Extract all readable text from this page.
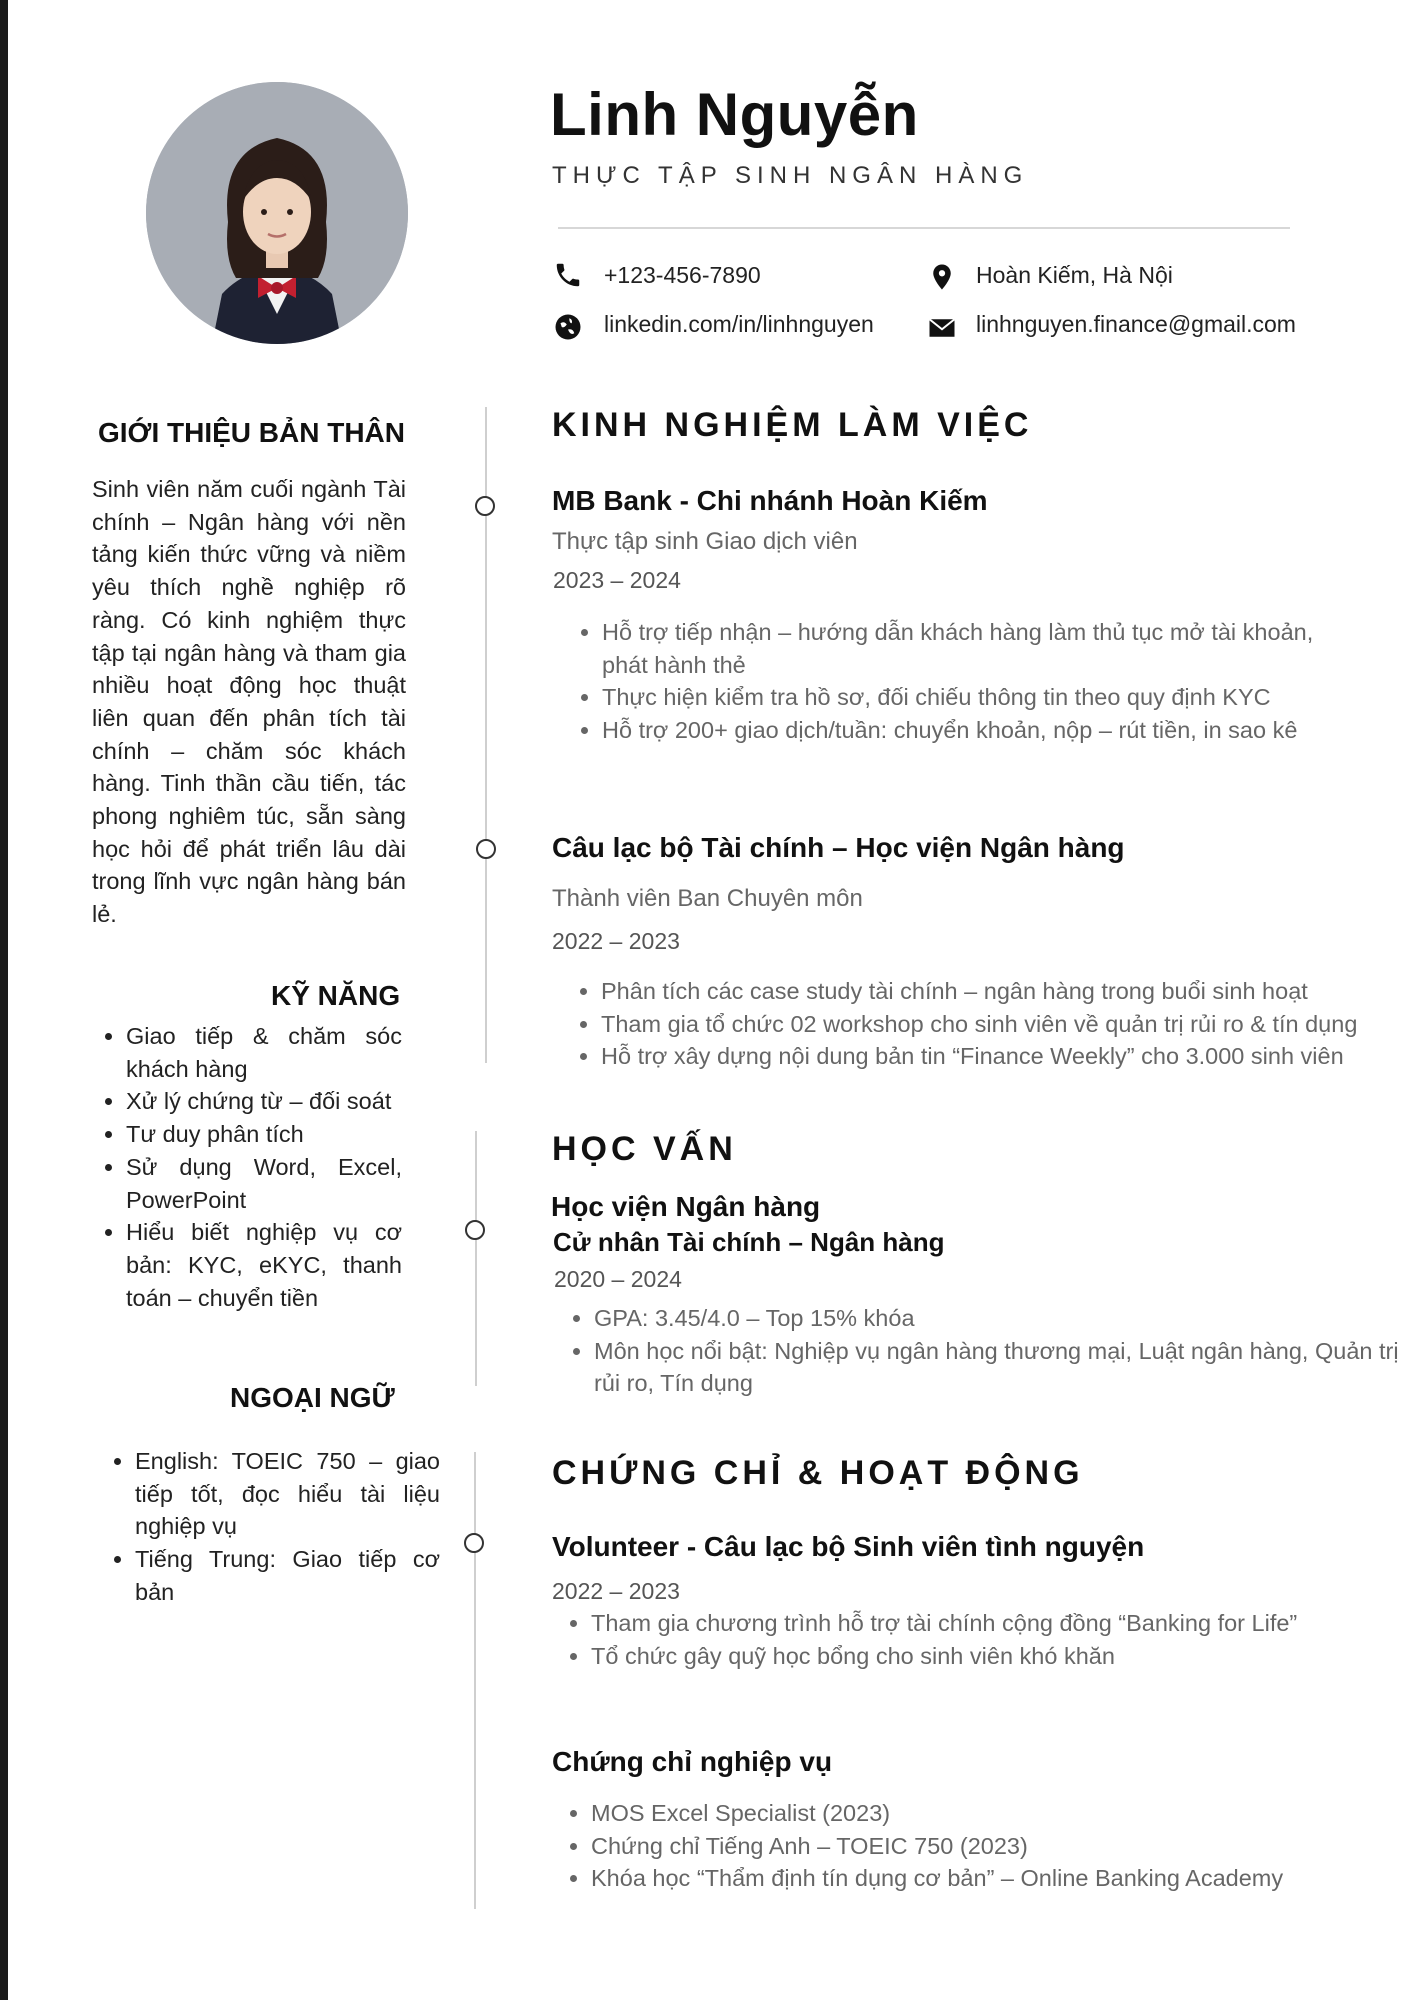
Linh Nguyễn
THỰC TẬP SINH NGÂN HÀNG
+123-456-7890	Hoàn Kiếm, Hà Nội
linkedin.com/in/linhnguyen	linhnguyen.finance@gmail.com
GIỚI THIỆU BẢN THÂN
Sinh viên năm cuối ngành Tài chính – Ngân hàng với nền tảng kiến thức vững và niềm yêu thích nghề nghiệp rõ ràng. Có kinh nghiệm thực tập tại ngân hàng và tham gia nhiều hoạt động học thuật liên quan đến phân tích tài chính – chăm sóc khách hàng. Tinh thần cầu tiến, tác phong nghiêm túc, sẵn sàng học hỏi để phát triển lâu dài trong lĩnh vực ngân hàng bán lẻ.
KỸ NĂNG
• Giao tiếp & chăm sóc khách hàng
• Xử lý chứng từ – đối soát
• Tư duy phân tích
• Sử dụng Word, Excel, PowerPoint
• Hiểu biết nghiệp vụ cơ bản: KYC, eKYC, thanh toán – chuyển tiền
NGOẠI NGỮ
• English: TOEIC 750 – giao tiếp tốt, đọc hiểu tài liệu nghiệp vụ
• Tiếng Trung: Giao tiếp cơ bản
KINH NGHIỆM LÀM VIỆC
MB Bank - Chi nhánh Hoàn Kiếm
Thực tập sinh Giao dịch viên
2023 – 2024
• Hỗ trợ tiếp nhận – hướng dẫn khách hàng làm thủ tục mở tài khoản, phát hành thẻ
• Thực hiện kiểm tra hồ sơ, đối chiếu thông tin theo quy định KYC
• Hỗ trợ 200+ giao dịch/tuần: chuyển khoản, nộp – rút tiền, in sao kê
Câu lạc bộ Tài chính – Học viện Ngân hàng
Thành viên Ban Chuyên môn
2022 – 2023
• Phân tích các case study tài chính – ngân hàng trong buổi sinh hoạt
• Tham gia tổ chức 02 workshop cho sinh viên về quản trị rủi ro & tín dụng
• Hỗ trợ xây dựng nội dung bản tin “Finance Weekly” cho 3.000 sinh viên
HỌC VẤN
Học viện Ngân hàng
Cử nhân Tài chính – Ngân hàng
2020 – 2024
• GPA: 3.45/4.0 – Top 15% khóa
• Môn học nổi bật: Nghiệp vụ ngân hàng thương mại, Luật ngân hàng, Quản trị rủi ro, Tín dụng
CHỨNG CHỈ & HOẠT ĐỘNG
Volunteer - Câu lạc bộ Sinh viên tình nguyện
2022 – 2023
• Tham gia chương trình hỗ trợ tài chính cộng đồng “Banking for Life”
• Tổ chức gây quỹ học bổng cho sinh viên khó khăn
Chứng chỉ nghiệp vụ
• MOS Excel Specialist (2023)
• Chứng chỉ Tiếng Anh – TOEIC 750 (2023)
• Khóa học “Thẩm định tín dụng cơ bản” – Online Banking Academy
